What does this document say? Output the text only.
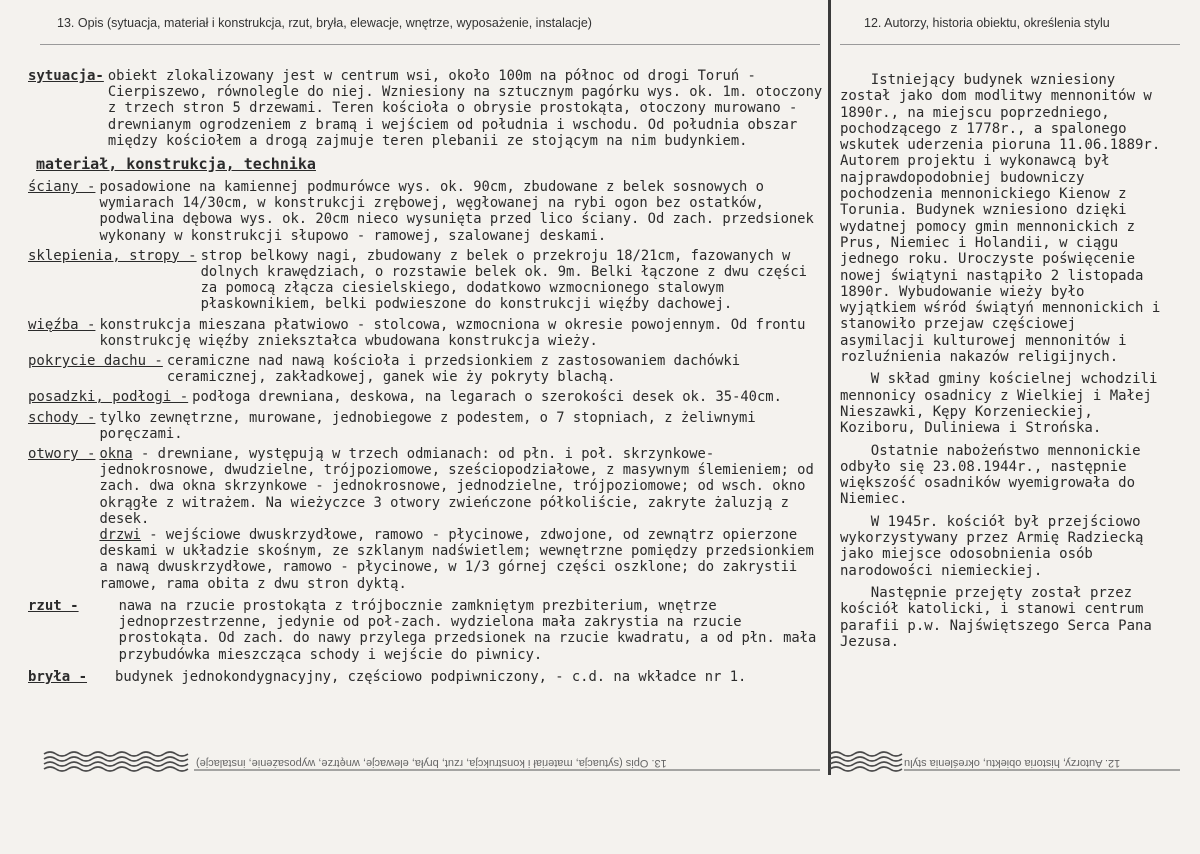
13. Opis (sytuacja, materiał i konstrukcja, rzut, bryła, elewacje, wnętrze, wyposażenie, instalacje)	12. Autorzy, historia obiektu, określenia stylu
sytuacja- obiekt zlokalizowany jest w centrum wsi, około 100m na północ od drogi Toruń - Cierpiszewo, równolegle do niej. Wzniesiony na sztucznym pagórku wys. ok. 1m. otoczony z trzech stron 5 drzewami. Teren kościoła o obrysie prostokąta, otoczony murowano - drewnianym ogrodzeniem z bramą i wejściem od południa i wschodu. Od południa obszar między kościołem a drogą zajmuje teren plebanii ze stojącym na nim budynkiem.
materiał, konstrukcja, technika
ściany - posadowione na kamiennej podmurówce wys. ok. 90cm, zbudowane z belek sosnowych o wymiarach 14/30cm, w konstrukcji zrębowej, węgłowanej na rybi ogon bez ostatków, podwalina dębowa wys. ok. 20cm nieco wysunięta przed lico ściany. Od zach. przedsionek wykonany w konstrukcji słupowo - ramowej, szalowanej deskami.
sklepienia, stropy - strop belkowy nagi, zbudowany z belek o przekroju 18/21cm, fazowanych w dolnych krawędziach, o rozstawie belek ok. 9m. Belki łączone z dwu części za pomocą złącza ciesielskiego, dodatkowo wzmocnionego stalowym płaskownikiem, belki podwieszone do konstrukcji więźby dachowej.
więźba - konstrukcja mieszana płatwiowo - stolcowa, wzmocniona w okresie powojennym. Od frontu konstrukcję więźby zniekształca wbudowana konstrukcja wieży.
pokrycie dachu - ceramiczne nad nawą kościoła i przedsionkiem z zastosowaniem dachówki ceramicznej, zakładkowej, ganek wie ży pokryty blachą.
posadzki, podłogi - podłoga drewniana, deskowa, na legarach o szerokości desek ok. 35-40cm.
schody - tylko zewnętrzne, murowane, jednobiegowe z podestem, o 7 stopniach, z żeliwnymi poręczami.
otwory - okna - drewniane, występują w trzech odmianach: od płn. i poł. skrzynkowe-jednokrosnowe, dwudzielne, trójpoziomowe, sześciopodziałowe, z masywnym ślemieniem; od zach. dwa okna skrzynkowe - jednokrosnowe, jednodzielne, trójpoziomowe; od wsch. okno okrągłe z witrażem. Na wieżyczce 3 otwory zwieńczone półkoliście, zakryte żaluzją z desek.
drzwi - wejściowe dwuskrzydłowe, ramowo - płycinowe, zdwojone, od zewnątrz opierzone deskami w układzie skośnym, ze szklanym nadświetlem; wewnętrzne pomiędzy przedsionkiem a nawą dwuskrzydłowe, ramowo - płycinowe, w 1/3 górnej części oszklone; do zakrystii ramowe, rama obita z dwu stron dyktą.
rzut -	nawa na rzucie prostokąta z trójbocznie zamkniętym prezbiterium, wnętrze jednoprzestrzenne, jedynie od poł-zach. wydzielona mała zakrystia na rzucie prostokąta. Od zach. do nawy przylega przedsionek na rzucie kwadratu, a od płn. mała przybudówka mieszcząca schody i wejście do piwnicy.
bryła -	budynek jednokondygnacyjny, częściowo podpiwniczony, - c.d. na wkładce nr 1.

Istniejący budynek wzniesiony został jako dom modlitwy mennonitów w 1890r., na miejscu poprzedniego, pochodzącego z 1778r., a spalonego wskutek uderzenia pioruna 11.06.1889r. Autorem projektu i wykonawcą był najprawdopodobniej budowniczy pochodzenia mennonickiego Kienow z Torunia. Budynek wzniesiono dzięki wydatnej pomocy gmin mennonickich z Prus, Niemiec i Holandii, w ciągu jednego roku. Uroczyste poświęcenie nowej świątyni nastąpiło 2 listopada 1890r. Wybudowanie wieży było wyjątkiem wśród świątyń mennonickich i stanowiło przejaw częściowej asymilacji kulturowej mennonitów i rozluźnienia nakazów religijnych.

W skład gminy kościelnej wchodzili mennonicy osadnicy z Wielkiej i Małej Nieszawki, Kępy Korzenieckiej, Koziboru, Duliniewa i Strońska.

Ostatnie nabożeństwo mennonickie odbyło się 23.08.1944r., następnie większość osadników wyemigrowała do Niemiec.

W 1945r. kościół był przejściowo wykorzystywany przez Armię Radziecką jako miejsce odosobnienia osób narodowości niemieckiej.

Następnie przejęty został przez kościół katolicki, i stanowi centrum parafii p.w. Najświętszego Serca Pana Jezusa.

13. Opis (sytuacja, materiał i konstrukcja, rzut, bryła, elewacje, wnętrze, wyposażenie, instalacje)	12. Autorzy, historia obiektu, określenia stylu
